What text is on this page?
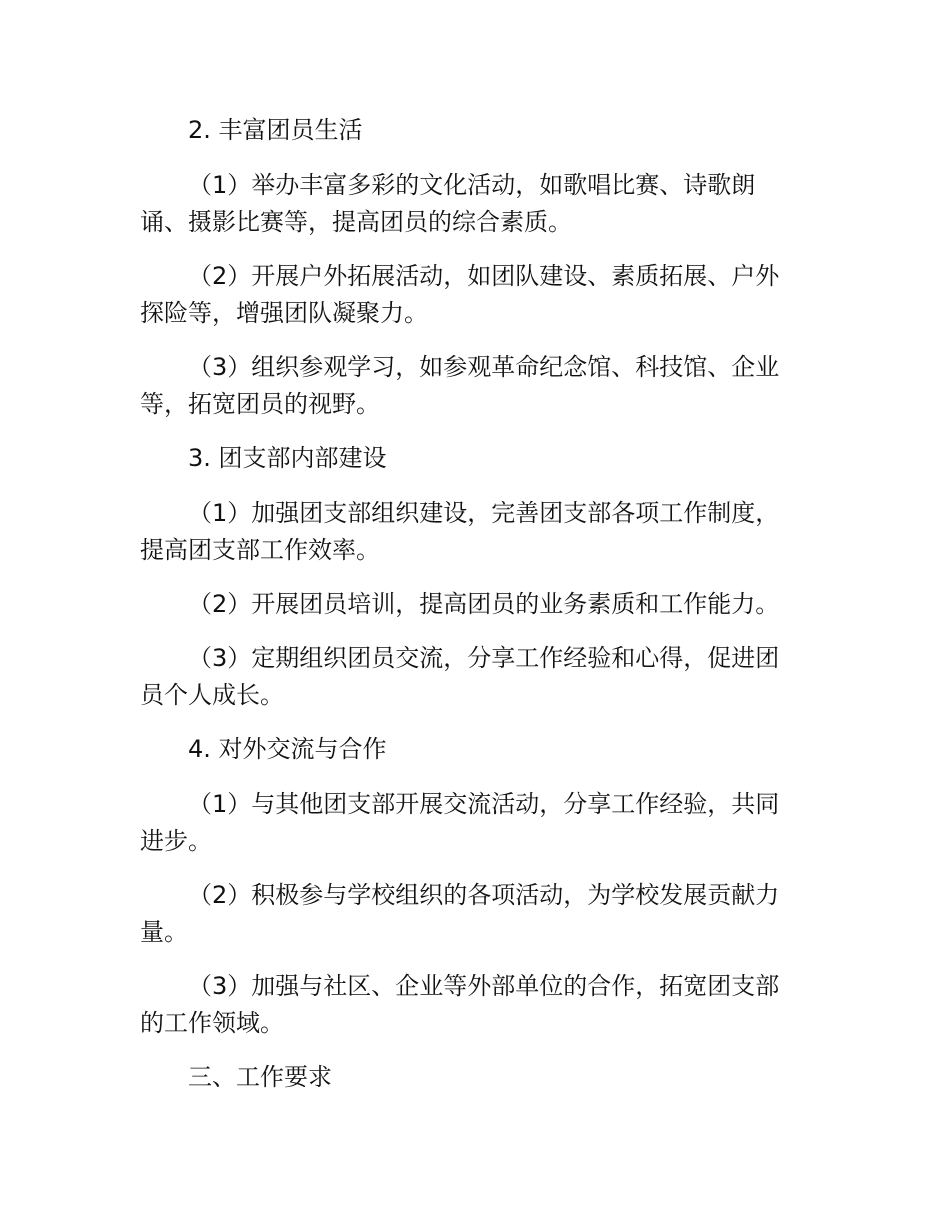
2. 丰富团员生活

（1）举办丰富多彩的文化活动，如歌唱比赛、诗歌朗诵、摄影比赛等，提高团员的综合素质。

（2）开展户外拓展活动，如团队建设、素质拓展、户外探险等，增强团队凝聚力。

（3）组织参观学习，如参观革命纪念馆、科技馆、企业等，拓宽团员的视野。

3. 团支部内部建设

（1）加强团支部组织建设，完善团支部各项工作制度，提高团支部工作效率。

（2）开展团员培训，提高团员的业务素质和工作能力。

（3）定期组织团员交流，分享工作经验和心得，促进团员个人成长。

4. 对外交流与合作

（1）与其他团支部开展交流活动，分享工作经验，共同进步。

（2）积极参与学校组织的各项活动，为学校发展贡献力量。

（3）加强与社区、企业等外部单位的合作，拓宽团支部的工作领域。

三、工作要求
